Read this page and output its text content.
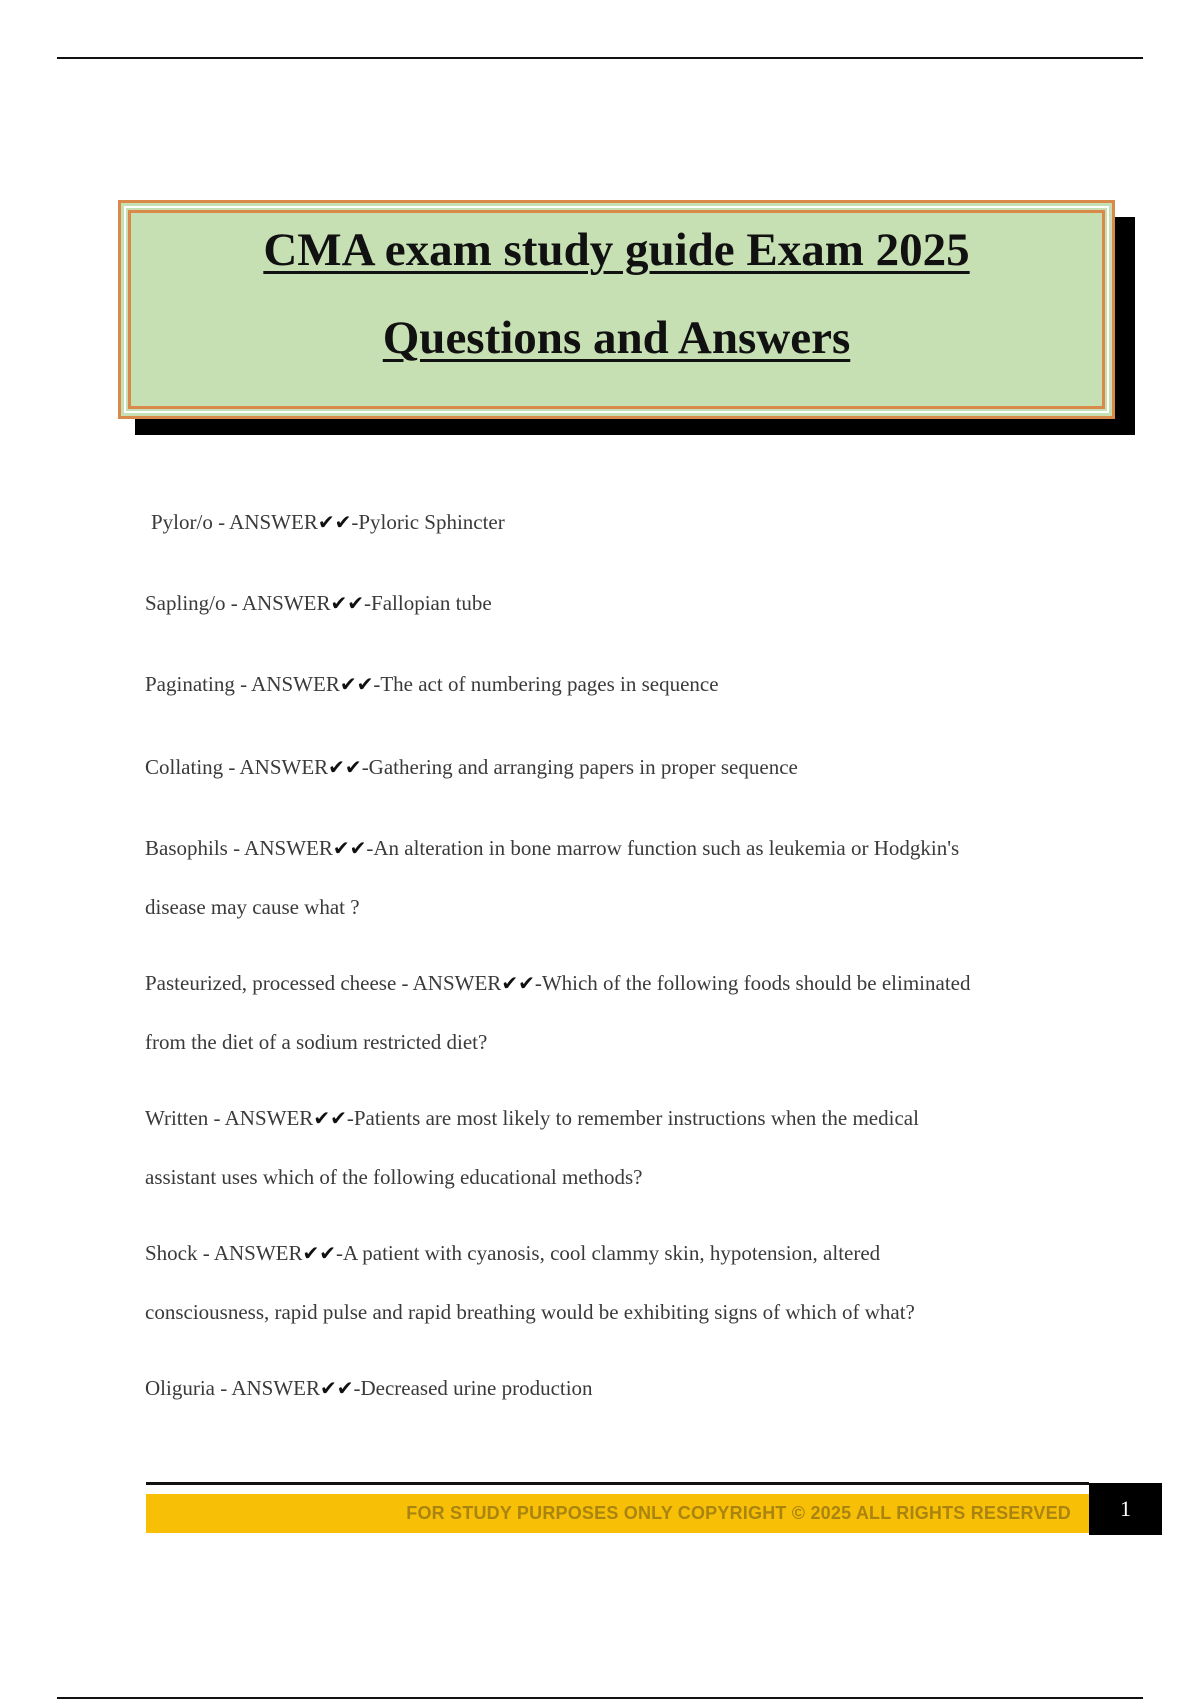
CMA exam study guide Exam 2025
Questions and Answers
Pylor/o - ANSWER✔✔-Pyloric Sphincter
Sapling/o - ANSWER✔✔-Fallopian tube
Paginating - ANSWER✔✔-The act of numbering pages in sequence
Collating - ANSWER✔✔-Gathering and arranging papers in proper sequence
Basophils - ANSWER✔✔-An alteration in bone marrow function such as leukemia or Hodgkin's
disease may cause what ?
Pasteurized, processed cheese - ANSWER✔✔-Which of the following foods should be eliminated
from the diet of a sodium restricted diet?
Written - ANSWER✔✔-Patients are most likely to remember instructions when the medical
assistant uses which of the following educational methods?
Shock - ANSWER✔✔-A patient with cyanosis, cool clammy skin, hypotension, altered
consciousness, rapid pulse and rapid breathing would be exhibiting signs of which of what?
Oliguria - ANSWER✔✔-Decreased urine production
FOR STUDY PURPOSES ONLY COPYRIGHT © 2025 ALL RIGHTS RESERVED 1
